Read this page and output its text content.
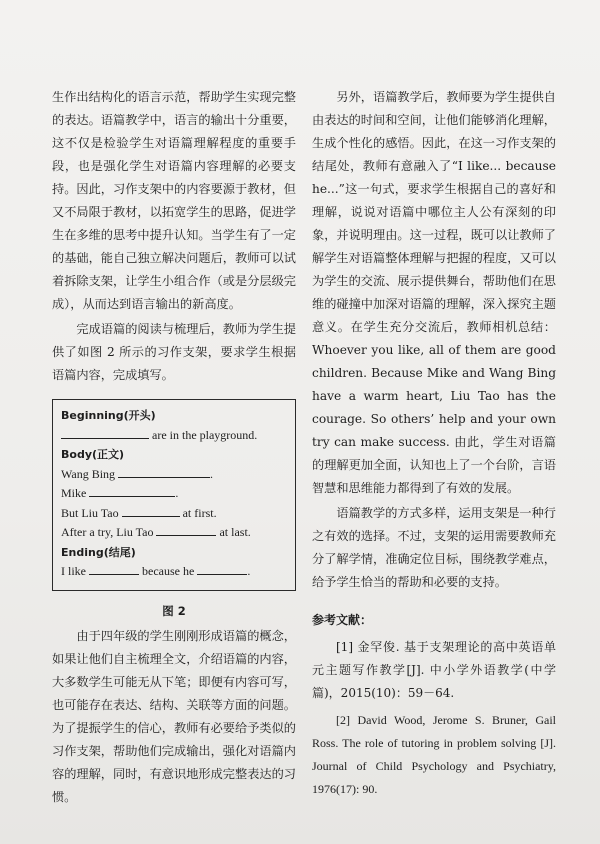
生作出结构化的语言示范，帮助学生实现完整的表达。语篇教学中，语言的输出十分重要，这不仅是检验学生对语篇理解程度的重要手段，也是强化学生对语篇内容理解的必要支持。因此，习作支架中的内容要源于教材，但又不局限于教材，以拓宽学生的思路，促进学生在多维的思考中提升认知。当学生有了一定的基础，能自己独立解决问题后，教师可以试着拆除支架，让学生小组合作（或是分层级完成），从而达到语言输出的新高度。

完成语篇的阅读与梳理后，教师为学生提供了如图 2 所示的习作支架，要求学生根据语篇内容，完成填写。

Beginning(开头)
are in the playground.
Body(正文)
Wang Bing	.
Mike	.
But Liu Tao	at first.
After a try, Liu Tao	at last.
Ending(结尾)
I like	because he	.
图 2

由于四年级的学生刚刚形成语篇的概念，如果让他们自主梳理全文，介绍语篇的内容，大多数学生可能无从下笔；即便有内容可写，也可能存在表达、结构、关联等方面的问题。为了提振学生的信心，教师有必要给予类似的习作支架，帮助他们完成输出，强化对语篇内容的理解，同时，有意识地形成完整表达的习惯。

另外，语篇教学后，教师要为学生提供自由表达的时间和空间，让他们能够消化理解，生成个性化的感悟。因此，在这一习作支架的结尾处，教师有意融入了“I like... because he...”这一句式，要求学生根据自己的喜好和理解，说说对语篇中哪位主人公有深刻的印象，并说明理由。这一过程，既可以让教师了解学生对语篇整体理解与把握的程度，又可以为学生的交流、展示提供舞台，帮助他们在思维的碰撞中加深对语篇的理解，深入探究主题意义。在学生充分交流后，教师相机总结：Whoever you like, all of them are good children. Because Mike and Wang Bing have a warm heart, Liu Tao has the courage. So others’ help and your own try can make success. 由此，学生对语篇的理解更加全面，认知也上了一个台阶，言语智慧和思维能力都得到了有效的发展。

语篇教学的方式多样，运用支架是一种行之有效的选择。不过，支架的运用需要教师充分了解学情，准确定位目标，围绕教学难点，给予学生恰当的帮助和必要的支持。

参考文献：
[1] 金罕俊. 基于支架理论的高中英语单元主题写作教学[J]. 中小学外语教学(中学篇)，2015(10)：59－64.
[2] David Wood, Jerome S. Bruner, Gail Ross. The role of tutoring in problem solving [J]. Journal of Child Psychology and Psychiatry, 1976(17): 90.
